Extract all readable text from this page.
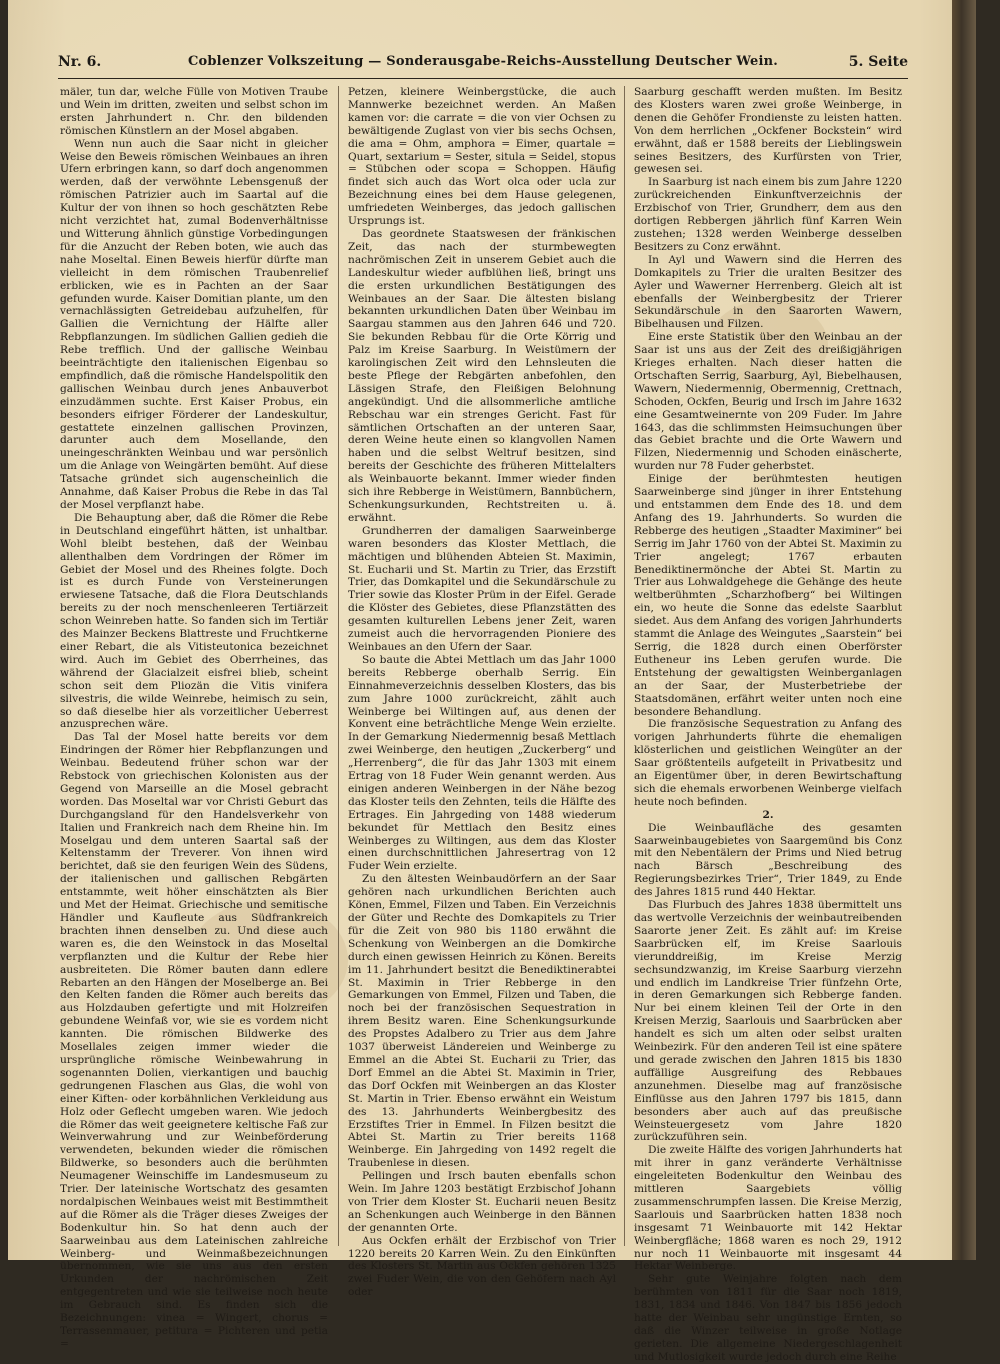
Nr. 6.	Coblenzer Volkszeitung — Sonderausgabe-Reichs-Ausstellung Deutscher Wein.	5. Seite

mäler, tun dar, welche Fülle von Motiven Traube und Wein im dritten, zweiten und selbst schon im ersten Jahrhundert n. Chr. den bildenden römischen Künstlern an der Mosel abgaben.

Wenn nun auch die Saar nicht in gleicher Weise den Beweis römischen Weinbaues an ihren Ufern erbringen kann, so darf doch angenommen werden, daß der verwöhnte Lebensgenuß der römischen Patrizier auch im Saartal auf die Kultur der von ihnen so hoch geschätzten Rebe nicht verzichtet hat, zumal Bodenverhältnisse und Witterung ähnlich günstige Vorbedingungen für die Anzucht der Reben boten, wie auch das nahe Moseltal. Einen Beweis hierfür dürfte man vielleicht in dem römischen Traubenrelief erblicken, wie es in Pachten an der Saar gefunden wurde. Kaiser Domitian plante, um den vernachlässigten Getreidebau aufzuhelfen, für Gallien die Vernichtung der Hälfte aller Rebpflanzungen. Im südlichen Gallien gedieh die Rebe trefflich. Und der gallische Weinbau beeinträchtigte den italienischen Eigenbau so empfindlich, daß die römische Handelspolitik den gallischen Weinbau durch jenes Anbauverbot einzudämmen suchte. Erst Kaiser Probus, ein besonders eifriger Förderer der Landeskultur, gestattete einzelnen gallischen Provinzen, darunter auch dem Mosellande, den uneingeschränkten Weinbau und war persönlich um die Anlage von Weingärten bemüht. Auf diese Tatsache gründet sich augenscheinlich die Annahme, daß Kaiser Probus die Rebe in das Tal der Mosel verpflanzt habe.

Die Behauptung aber, daß die Römer die Rebe in Deutschland eingeführt hätten, ist unhaltbar. Wohl bleibt bestehen, daß der Weinbau allenthalben dem Vordringen der Römer im Gebiet der Mosel und des Rheines folgte. Doch ist es durch Funde von Versteinerungen erwiesene Tatsache, daß die Flora Deutschlands bereits zu der noch menschenleeren Tertiärzeit schon Weinreben hatte. So fanden sich im Tertiär des Mainzer Beckens Blattreste und Fruchtkerne einer Rebart, die als Vitisteutonica bezeichnet wird. Auch im Gebiet des Oberrheines, das während der Glacialzeit eisfrei blieb, scheint schon seit dem Pliozän die Vitis vinifera silvestris, die wilde Weinrebe, heimisch zu sein, so daß dieselbe hier als vorzeitlicher Ueberrest anzusprechen wäre.

Das Tal der Mosel hatte bereits vor dem Eindringen der Römer hier Rebpflanzungen und Weinbau. Bedeutend früher schon war der Rebstock von griechischen Kolonisten aus der Gegend von Marseille an die Mosel gebracht worden. Das Moseltal war vor Christi Geburt das Durchgangsland für den Handelsverkehr von Italien und Frankreich nach dem Rheine hin. Im Moselgau und dem unteren Saartal saß der Keltenstamm der Treverer. Von ihnen wird berichtet, daß sie den feurigen Wein des Südens, der italienischen und gallischen Rebgärten entstammte, weit höher einschätzten als Bier und Met der Heimat. Griechische und semitische Händler und Kaufleute aus Südfrankreich brachten ihnen denselben zu. Und diese auch waren es, die den Weinstock in das Moseltal verpflanzten und die Kultur der Rebe hier ausbreiteten. Die Römer bauten dann edlere Rebarten an den Hängen der Moselberge an. Bei den Kelten fanden die Römer auch bereits das aus Holzdauben gefertigte und mit Holzreifen gebundene Weinfaß vor, wie sie es vordem nicht kannten. Die römischen Bildwerke des Mosellales zeigen immer wieder die ursprüngliche römische Weinbewahrung in sogenannten Dolien, vierkantigen und bauchig gedrungenen Flaschen aus Glas, die wohl von einer Kiften- oder korbähnlichen Verkleidung aus Holz oder Geflecht umgeben waren. Wie jedoch die Römer das weit geeignetere keltische Faß zur Weinverwahrung und zur Weinbeförderung verwendeten, bekunden wieder die römischen Bildwerke, so besonders auch die berühmten Neumagener Weinschiffe im Landesmuseum zu Trier. Der lateinische Wortschatz des gesamten nordalpischen Weinbaues weist mit Bestimmtheit auf die Römer als die Träger dieses Zweiges der Bodenkultur hin. So hat denn auch der Saarweinbau aus dem Lateinischen zahlreiche Weinberg- und Weinmaßbezeichnungen übernommen, wie sie uns aus den ersten Urkunden der nachrömischen Zeit entgegentreten und wie sie teilweise noch heute im Gebrauch sind. Es finden sich die Bezeichnungen: vinea = Wingert, chorus = Terrassenmauer, petitura = Pichteren und petia =

Petzen, kleinere Weinbergstücke, die auch Mannwerke bezeichnet werden. An Maßen kamen vor: die carrate = die von vier Ochsen zu bewältigende Zuglast von vier bis sechs Ochsen, die ama = Ohm, amphora = Eimer, quartale = Quart, sextarium = Sester, situla = Seidel, stopus = Stübchen oder scopa = Schoppen. Häufig findet sich auch das Wort olca oder ucla zur Bezeichnung eines bei dem Hause gelegenen, umfriedeten Weinberges, das jedoch gallischen Ursprungs ist.

Das geordnete Staatswesen der fränkischen Zeit, das nach der sturmbewegten nachrömischen Zeit in unserem Gebiet auch die Landeskultur wieder aufblühen ließ, bringt uns die ersten urkundlichen Bestätigungen des Weinbaues an der Saar. Die ältesten bislang bekannten urkundlichen Daten über Weinbau im Saargau stammen aus den Jahren 646 und 720. Sie bekunden Rebbau für die Orte Körrig und Palz im Kreise Saarburg. In Weistümern der karolingischen Zeit wird den Lehnsleuten die beste Pflege der Rebgärten anbefohlen, den Lässigen Strafe, den Fleißigen Belohnung angekündigt. Und die allsommerliche amtliche Rebschau war ein strenges Gericht. Fast für sämtlichen Ortschaften an der unteren Saar, deren Weine heute einen so klangvollen Namen haben und die selbst Weltruf besitzen, sind bereits der Geschichte des früheren Mittelalters als Weinbauorte bekannt. Immer wieder finden sich ihre Rebberge in Weistümern, Bannbüchern, Schenkungsurkunden, Rechtstreiten u. ä. erwähnt.

Grundherren der damaligen Saarweinberge waren besonders das Kloster Mettlach, die mächtigen und blühenden Abteien St. Maximin, St. Eucharii und St. Martin zu Trier, das Erzstift Trier, das Domkapitel und die Sekundärschule zu Trier sowie das Kloster Prüm in der Eifel. Gerade die Klöster des Gebietes, diese Pflanzstätten des gesamten kulturellen Lebens jener Zeit, waren zumeist auch die hervorragenden Pioniere des Weinbaues an den Ufern der Saar.

So baute die Abtei Mettlach um das Jahr 1000 bereits Rebberge oberhalb Serrig. Ein Einnahmeverzeichnis desselben Klosters, das bis zum Jahre 1000 zurückreicht, zählt auch Weinberge bei Wiltingen auf, aus denen der Konvent eine beträchtliche Menge Wein erzielte. In der Gemarkung Niedermennig besaß Mettlach zwei Weinberge, den heutigen „Zuckerberg“ und „Herrenberg“, die für das Jahr 1303 mit einem Ertrag von 18 Fuder Wein genannt werden. Aus einigen anderen Weinbergen in der Nähe bezog das Kloster teils den Zehnten, teils die Hälfte des Ertrages. Ein Jahrgeding von 1488 wiederum bekundet für Mettlach den Besitz eines Weinberges zu Wiltingen, aus dem das Kloster einen durchschnittlichen Jahresertrag von 12 Fuder Wein erzielte.

Zu den ältesten Weinbaudörfern an der Saar gehören nach urkundlichen Berichten auch Könen, Emmel, Filzen und Taben. Ein Verzeichnis der Güter und Rechte des Domkapitels zu Trier für die Zeit von 980 bis 1180 erwähnt die Schenkung von Weinbergen an die Domkirche durch einen gewissen Heinrich zu Könen. Bereits im 11. Jahrhundert besitzt die Benediktinerabtei St. Maximin in Trier Rebberge in den Gemarkungen von Emmel, Filzen und Taben, die noch bei der französischen Sequestration in ihrem Besitz waren. Eine Schenkungsurkunde des Propstes Adalbero zu Trier aus dem Jahre 1037 überweist Ländereien und Weinberge zu Emmel an die Abtei St. Eucharii zu Trier, das Dorf Emmel an die Abtei St. Maximin in Trier, das Dorf Ockfen mit Weinbergen an das Kloster St. Martin in Trier. Ebenso erwähnt ein Weistum des 13. Jahrhunderts Weinbergbesitz des Erzstiftes Trier in Emmel. In Filzen besitzt die Abtei St. Martin zu Trier bereits 1168 Weinberge. Ein Jahrgeding von 1492 regelt die Traubenlese in diesen.

Pellingen und Irsch bauten ebenfalls schon Wein. Im Jahre 1203 bestätigt Erzbischof Johann von Trier dem Kloster St. Eucharii neuen Besitz an Schenkungen auch Weinberge in den Bännen der genannten Orte.

Aus Ockfen erhält der Erzbischof von Trier 1220 bereits 20 Karren Wein. Zu den Einkünften des Klosters St. Martin aus Ockfen gehören 1325 zwei Fuder Wein, die von den Gehöfern nach Ayl oder

Saarburg geschafft werden mußten. Im Besitz des Klosters waren zwei große Weinberge, in denen die Gehöfer Frondienste zu leisten hatten. Von dem herrlichen „Ockfener Bockstein“ wird erwähnt, daß er 1588 bereits der Lieblingswein seines Besitzers, des Kurfürsten von Trier, gewesen sei.

In Saarburg ist nach einem bis zum Jahre 1220 zurückreichenden Einkunftverzeichnis der Erzbischof von Trier, Grundherr, dem aus den dortigen Rebbergen jährlich fünf Karren Wein zustehen; 1328 werden Weinberge desselben Besitzers zu Conz erwähnt.

In Ayl und Wawern sind die Herren des Domkapitels zu Trier die uralten Besitzer des Ayler und Wawerner Herrenberg. Gleich alt ist ebenfalls der Weinbergbesitz der Trierer Sekundärschule in den Saarorten Wawern, Bibelhausen und Filzen.

Eine erste Statistik über den Weinbau an der Saar ist uns aus der Zeit des dreißigjährigen Krieges erhalten. Nach dieser hatten die Ortschaften Serrig, Saarburg, Ayl, Biebelhausen, Wawern, Niedermennig, Obermennig, Crettnach, Schoden, Ockfen, Beurig und Irsch im Jahre 1632 eine Gesamtweinernte von 209 Fuder. Im Jahre 1643, das die schlimmsten Heimsuchungen über das Gebiet brachte und die Orte Wawern und Filzen, Niedermennig und Schoden einäscherte, wurden nur 78 Fuder geherbstet.

Einige der berühmtesten heutigen Saarweinberge sind jünger in ihrer Entstehung und entstammen dem Ende des 18. und dem Anfang des 19. Jahrhunderts. So wurden die Rebberge des heutigen „Staadter Maximiner“ bei Serrig im Jahr 1760 von der Abtei St. Maximin zu Trier angelegt; 1767 erbauten Benediktinermönche der Abtei St. Martin zu Trier aus Lohwaldgehege die Gehänge des heute weltberühmten „Scharzhofberg“ bei Wiltingen ein, wo heute die Sonne das edelste Saarblut siedet. Aus dem Anfang des vorigen Jahrhunderts stammt die Anlage des Weingutes „Saarstein“ bei Serrig, die 1828 durch einen Oberförster Eutheneur ins Leben gerufen wurde. Die Entstehung der gewaltigsten Weinberganlagen an der Saar, der Musterbetriebe der Staatsdomänen, erfährt weiter unten noch eine besondere Behandlung.

Die französische Sequestration zu Anfang des vorigen Jahrhunderts führte die ehemaligen klösterlichen und geistlichen Weingüter an der Saar größtenteils aufgeteilt in Privatbesitz und an Eigentümer über, in deren Bewirtschaftung sich die ehemals erworbenen Weinberge vielfach heute noch befinden.

2.

Die Weinbaufläche des gesamten Saarweinbaugebietes von Saargemünd bis Conz mit den Nebentälern der Prims und Nied betrug nach Bärsch „Beschreibung des Regierungsbezirkes Trier“, Trier 1849, zu Ende des Jahres 1815 rund 440 Hektar.

Das Flurbuch des Jahres 1838 übermittelt uns das wertvolle Verzeichnis der weinbautreibenden Saarorte jener Zeit. Es zählt auf: im Kreise Saarbrücken elf, im Kreise Saarlouis vierunddreißig, im Kreise Merzig sechsundzwanzig, im Kreise Saarburg vierzehn und endlich im Landkreise Trier fünfzehn Orte, in deren Gemarkungen sich Rebberge fanden. Nur bei einem kleinen Teil der Orte in den Kreisen Merzig, Saarlouis und Saarbrücken aber handelt es sich um alten oder selbst uralten Weinbezirk. Für den anderen Teil ist eine spätere und gerade zwischen den Jahren 1815 bis 1830 auffällige Ausgreifung des Rebbaues anzunehmen. Dieselbe mag auf französische Einflüsse aus den Jahren 1797 bis 1815, dann besonders aber auch auf das preußische Weinsteuergesetz vom Jahre 1820 zurückzuführen sein.

Die zweite Hälfte des vorigen Jahrhunderts hat mit ihrer in ganz veränderte Verhältnisse eingeleiteten Bodenkultur den Weinbau des mittleren Saargebiets völlig zusammenschrumpfen lassen. Die Kreise Merzig, Saarlouis und Saarbrücken hatten 1838 noch insgesamt 71 Weinbauorte mit 142 Hektar Weinbergfläche; 1868 waren es noch 29, 1912 nur noch 11 Weinbauorte mit insgesamt 44 Hektar Weinberge.

Sehr gute Weinjahre folgten nach dem berühmten von 1811 für die Saar noch 1819, 1831, 1834 und 1846. Von 1847 bis 1856 jedoch hatte der Weinbau sehr ungünstige Ernten, so daß die Winzer teilweise in große Notlage gerieten. Die allgemeine Niedergeschlagenheit und Mutlosigkeit wurde jedoch durch eine Reihe
